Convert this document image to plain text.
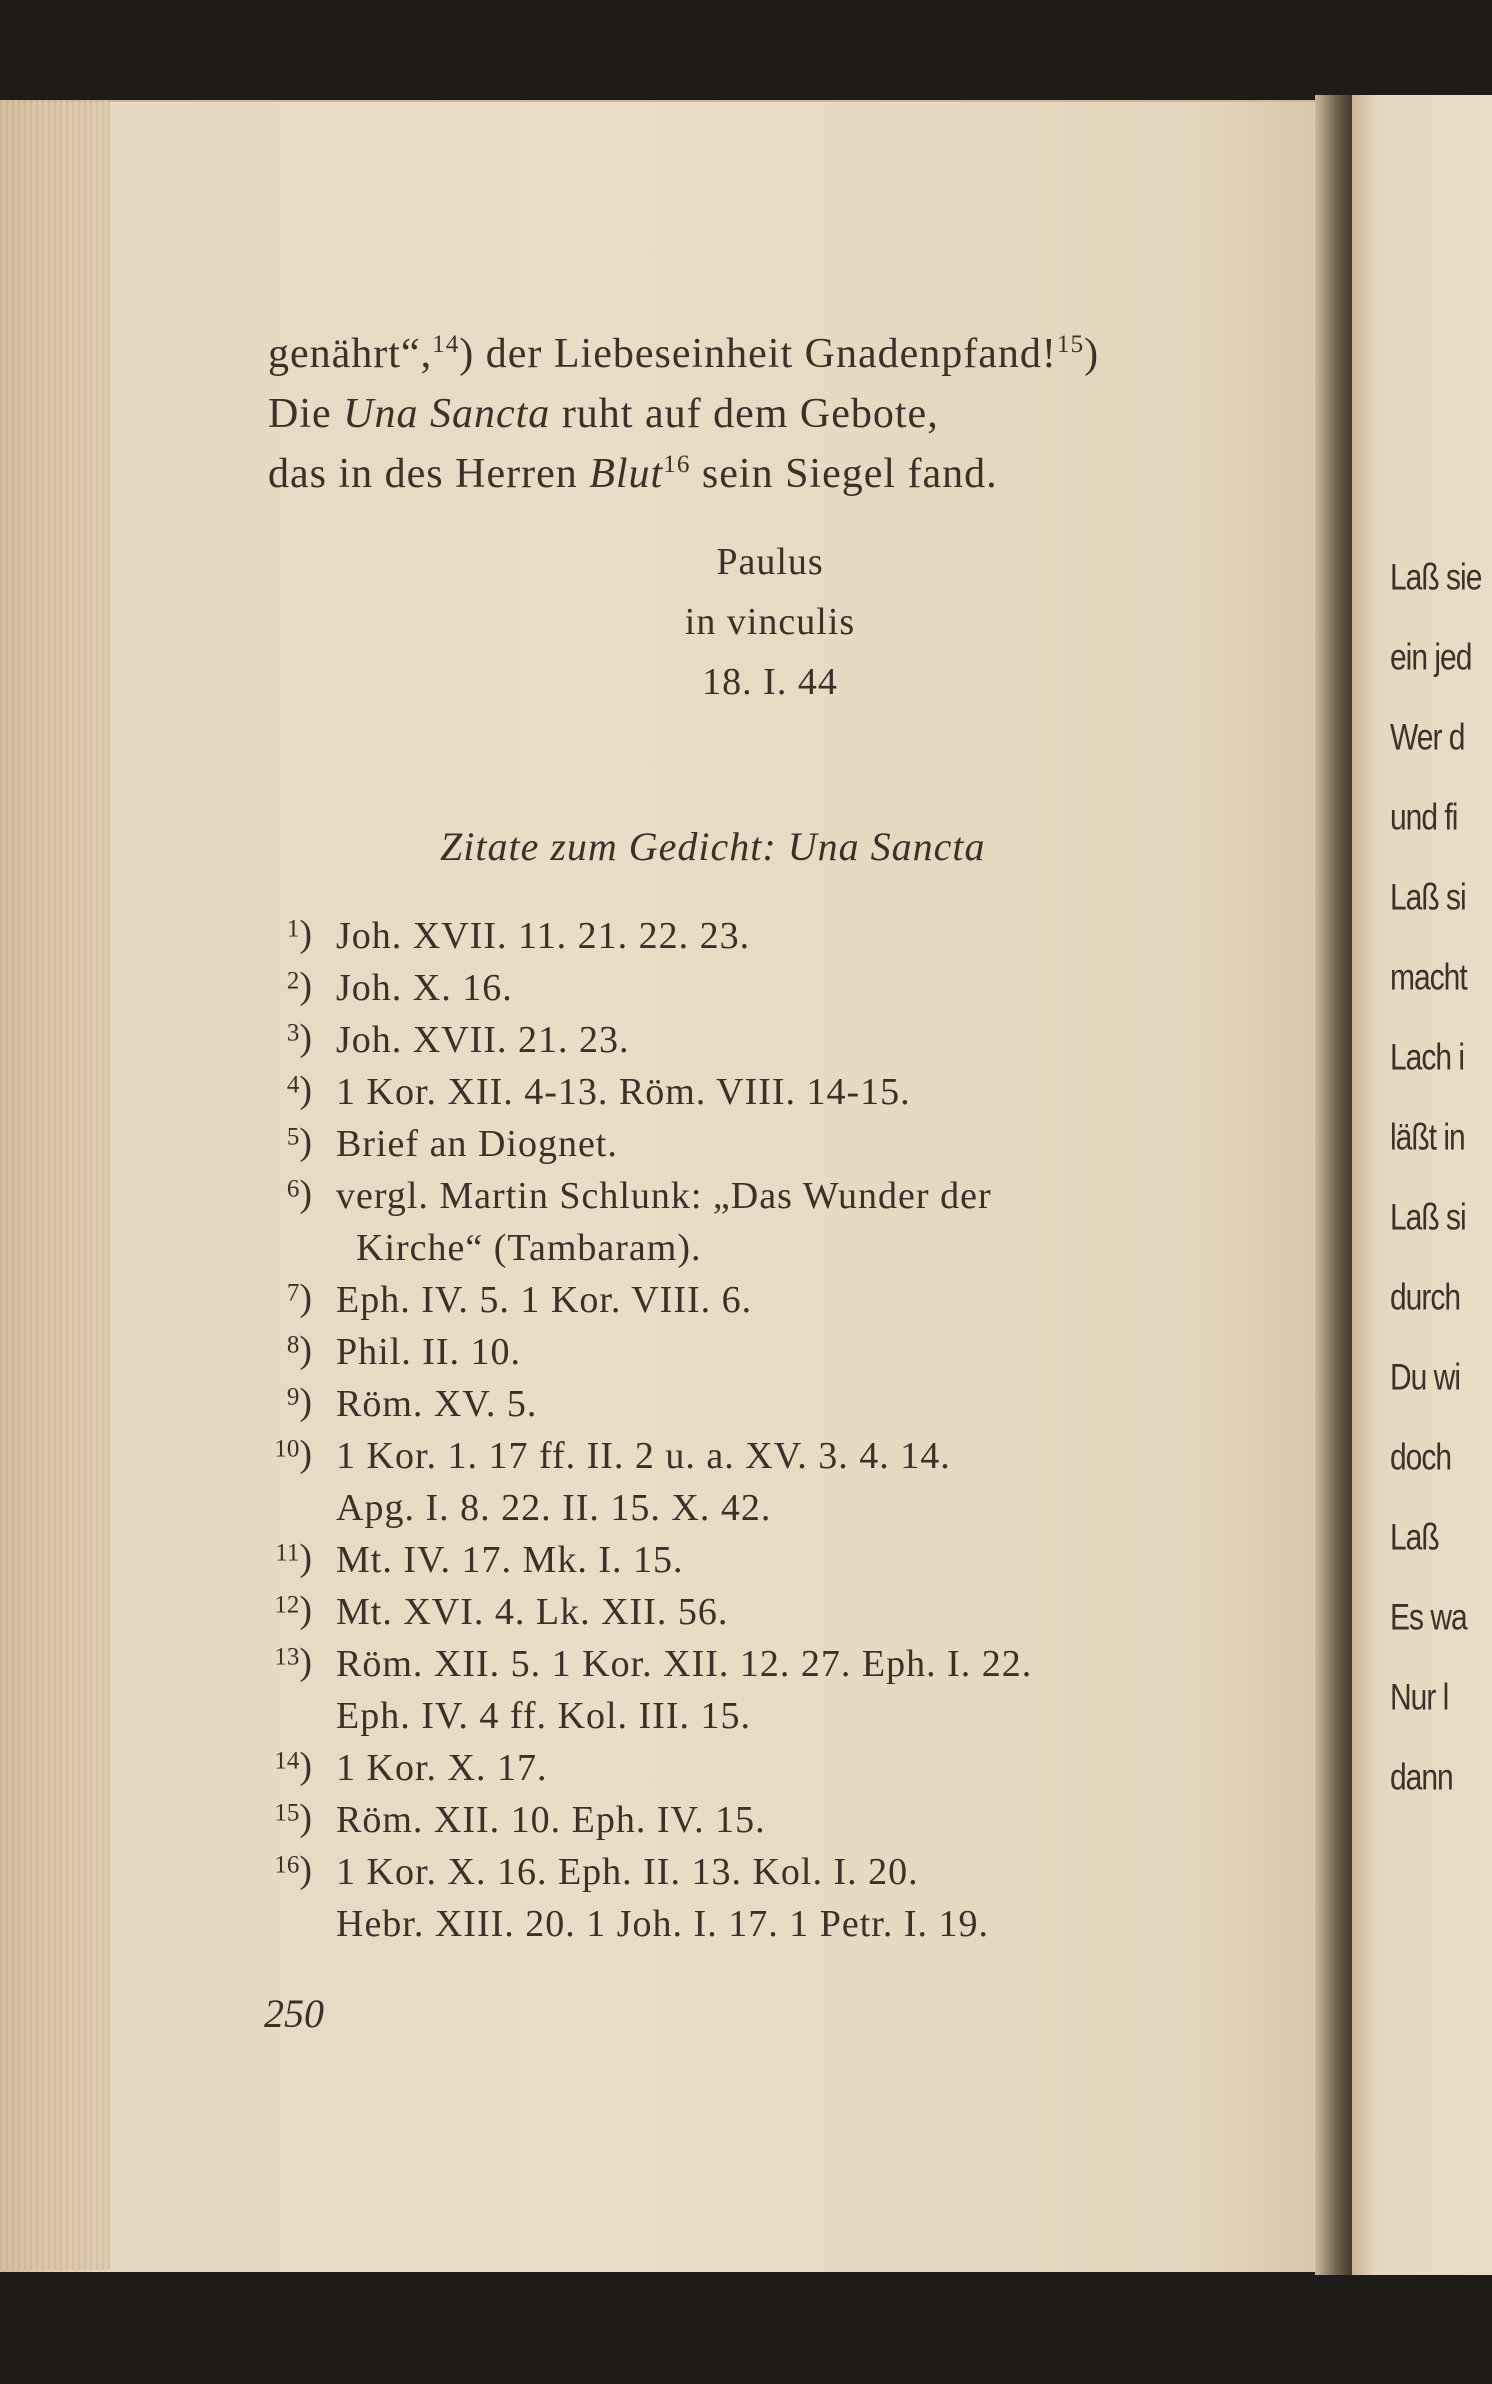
Laß sie
ein jed
Wer d
und fi
Laß si
macht
Lach i
läßt in
Laß si
durch
Du wi
doch
Laß
Es wa
Nur l
dann
genährt“,$^{14}$) der Liebeseinheit Gnadenpfand!$^{15}$)
Die Una Sancta ruht auf dem Gebote,
das in des Herren Blut$^{16}$ sein Siegel fand.
Paulus
in vinculis
18. I. 44
Zitate zum Gedicht: Una Sancta
1) Joh. XVII. 11. 21. 22. 23.
2) Joh. X. 16.
3) Joh. XVII. 21. 23.
4) 1 Kor. XII. 4-13. Röm. VIII. 14-15.
5) Brief an Diognet.
6) vergl. Martin Schlunk: „Das Wunder der
Kirche“ (Tambaram).
7) Eph. IV. 5. 1 Kor. VIII. 6.
8) Phil. II. 10.
9) Röm. XV. 5.
10) 1 Kor. 1. 17 ff. II. 2 u. a. XV. 3. 4. 14.
Apg. I. 8. 22. II. 15. X. 42.
11) Mt. IV. 17. Mk. I. 15.
12) Mt. XVI. 4. Lk. XII. 56.
13) Röm. XII. 5. 1 Kor. XII. 12. 27. Eph. I. 22.
Eph. IV. 4 ff. Kol. III. 15.
14) 1 Kor. X. 17.
15) Röm. XII. 10. Eph. IV. 15.
16) 1 Kor. X. 16. Eph. II. 13. Kol. I. 20.
Hebr. XIII. 20. 1 Joh. I. 17. 1 Petr. I. 19.
250
